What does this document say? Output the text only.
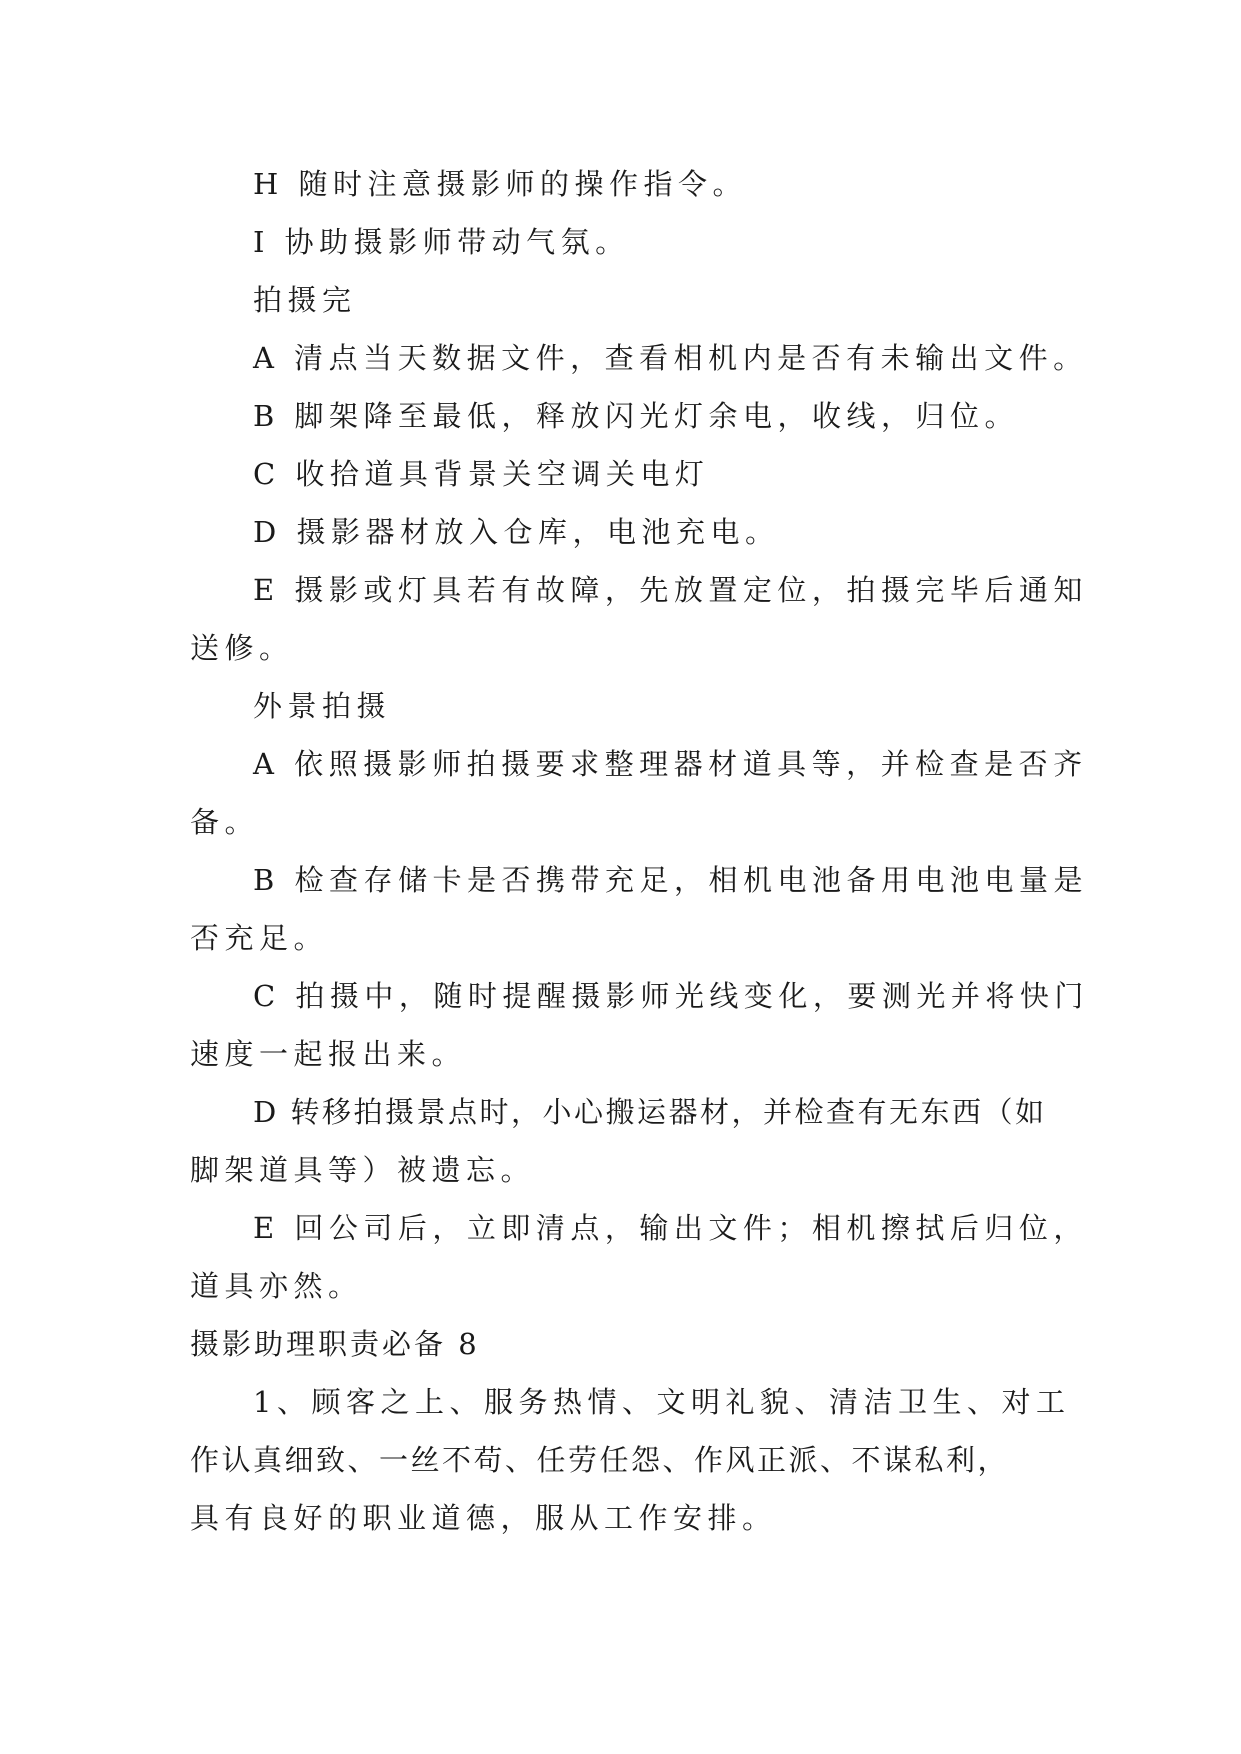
H 随时注意摄影师的操作指令。
I 协助摄影师带动气氛。
拍摄完
A 清点当天数据文件，查看相机内是否有未输出文件。
B 脚架降至最低，释放闪光灯余电，收线，归位。
C 收拾道具背景关空调关电灯
D 摄影器材放入仓库，电池充电。
E 摄影或灯具若有故障，先放置定位，拍摄完毕后通知
送修。
外景拍摄
A 依照摄影师拍摄要求整理器材道具等，并检查是否齐
备。
B 检查存储卡是否携带充足，相机电池备用电池电量是
否充足。
C 拍摄中，随时提醒摄影师光线变化，要测光并将快门
速度一起报出来。
D 转移拍摄景点时，小心搬运器材，并检查有无东西（如
脚架道具等）被遗忘。
E 回公司后，立即清点，输出文件；相机擦拭后归位，
道具亦然。
摄影助理职责必备 8
1、顾客之上、服务热情、文明礼貌、清洁卫生、对工
作认真细致、一丝不苟、任劳任怨、作风正派、不谋私利，
具有良好的职业道德，服从工作安排。
